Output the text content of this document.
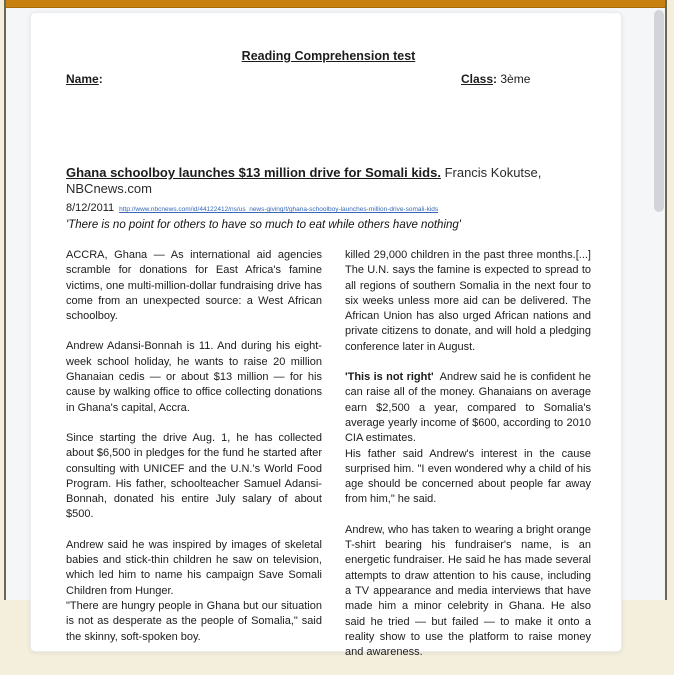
Reading Comprehension test
Name:	Class: 3ème
Ghana schoolboy launches $13 million drive for Somali kids. Francis Kokutse, NBCnews.com
8/12/2011 http://www.nbcnews.com/id/44122412/ns/us_news-giving/t/ghana-schoolboy-launches-million-drive-somali-kids
'There is no point for others to have so much to eat while others have nothing'

ACCRA, Ghana — As international aid agencies scramble for donations for East Africa's famine victims, one multi-million-dollar fundraising drive has come from an unexpected source: a West African schoolboy.

Andrew Adansi-Bonnah is 11. And during his eight-week school holiday, he wants to raise 20 million Ghanaian cedis — or about $13 million — for his cause by walking office to office collecting donations in Ghana's capital, Accra.

Since starting the drive Aug. 1, he has collected about $6,500 in pledges for the fund he started after consulting with UNICEF and the U.N.'s World Food Program. His father, schoolteacher Samuel Adansi-Bonnah, donated his entire July salary of about $500.

Andrew said he was inspired by images of skeletal babies and stick-thin children he saw on television, which led him to name his campaign Save Somali Children from Hunger.

"There are hungry people in Ghana but our situation is not as desperate as the people of Somalia," said the skinny, soft-spoken boy.

killed 29,000 children in the past three months.[...] The U.N. says the famine is expected to spread to all regions of southern Somalia in the next four to six weeks unless more aid can be delivered. The African Union has also urged African nations and private citizens to donate, and will hold a pledging conference later in August.

'This is not right' Andrew said he is confident he can raise all of the money. Ghanaians on average earn $2,500 a year, compared to Somalia's average yearly income of $600, according to 2010 CIA estimates.

His father said Andrew's interest in the cause surprised him. "I even wondered why a child of his age should be concerned about people far away from him," he said.

Andrew, who has taken to wearing a bright orange T-shirt bearing his fundraiser's name, is an energetic fundraiser. He said he has made several attempts to draw attention to his cause, including a TV appearance and media interviews that have made him a minor celebrity in Ghana. He also said he tried — but failed — to make it onto a reality show to use the platform to raise money and awareness.
